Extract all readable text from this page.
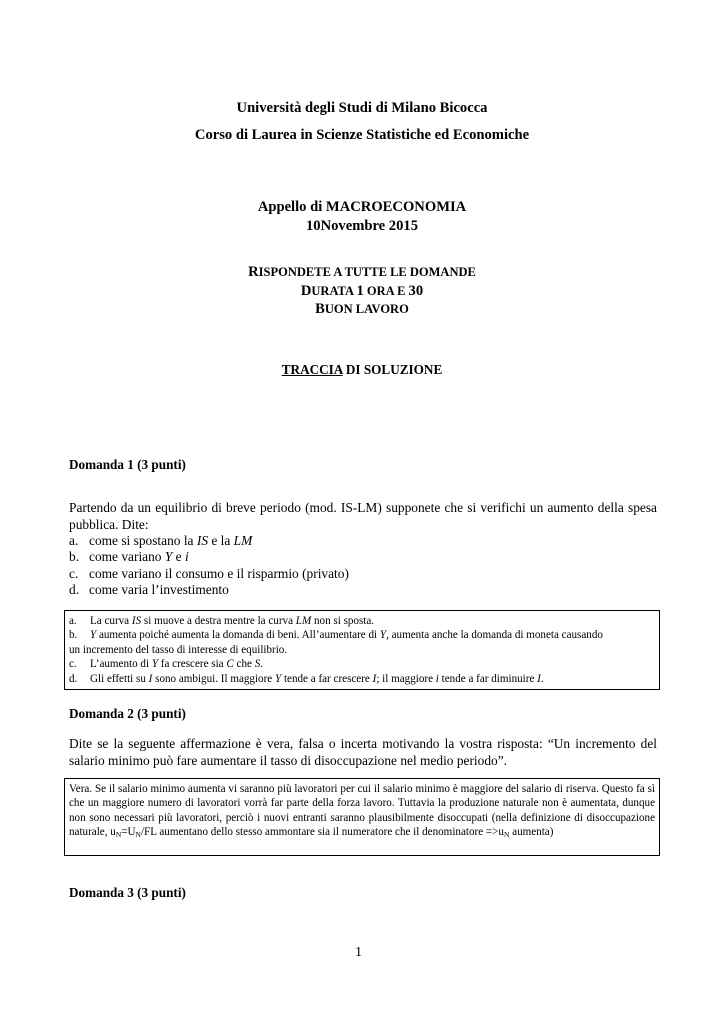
Università degli Studi di Milano Bicocca
Corso di Laurea in Scienze Statistiche ed Economiche
Appello di MACROECONOMIA
10Novembre 2015
RISPONDETE A TUTTE LE DOMANDE
DURATA 1 ORA E 30
BUON LAVORO
TRACCIA DI SOLUZIONE
Domanda 1 (3 punti)
Partendo da un equilibrio di breve periodo (mod. IS-LM) supponete che si verifichi un aumento della spesa pubblica. Dite:
a. come si spostano la IS e la LM
b. come variano Y e i
c. come variano il consumo e il risparmio (privato)
d. come varia l’investimento
a. La curva IS si muove a destra mentre la curva LM non si sposta.
b. Y aumenta poiché aumenta la domanda di beni. All’aumentare di Y, aumenta anche la domanda di moneta causando
un incremento del tasso di interesse di equilibrio.
c. L’aumento di Y fa crescere sia C che S.
d. Gli effetti su I sono ambigui. Il maggiore Y tende a far crescere I; il maggiore i tende a far diminuire I.
Domanda 2 (3 punti)
Dite se la seguente affermazione è vera, falsa o incerta motivando la vostra risposta: “Un incremento del salario minimo può fare aumentare il tasso di disoccupazione nel medio periodo”.
Vera. Se il salario minimo aumenta vi saranno più lavoratori per cui il salario minimo è maggiore del salario di riserva. Questo fa sì che un maggiore numero di lavoratori vorrà far parte della forza lavoro. Tuttavia la produzione naturale non è aumentata, dunque non sono necessari più lavoratori, perciò i nuovi entranti saranno plausibilmente disoccupati (nella definizione di disoccupazione naturale, $u_N=U_N/FL$ aumentano dello stesso ammontare sia il numeratore che il denominatore $=>u_N$ aumenta)
Domanda 3 (3 punti)
1
